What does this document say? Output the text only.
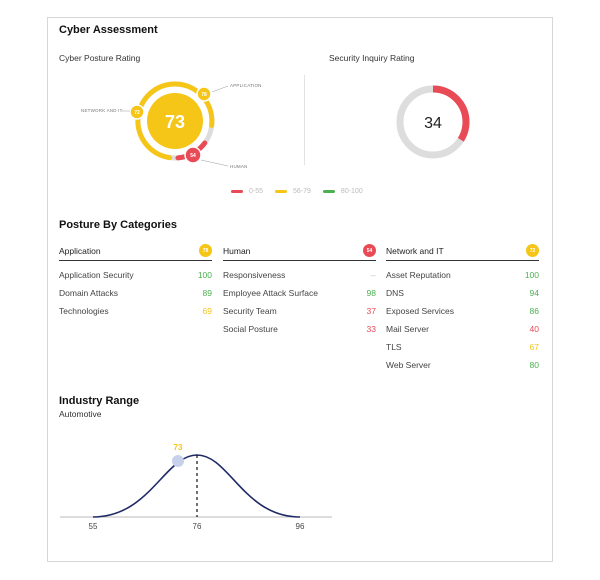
Cyber Assessment
Cyber Posture Rating
73
78
72
54
APPLICATION
NETWORK AND IT
HUMAN
Security Inquiry Rating
34
0-55	56-79	80-100
Posture By Categories
Application	78
Application Security	100
Domain Attacks	89
Technologies	69
Human	54
Responsiveness	--
Employee Attack Surface	98
Security Team	37
Social Posture	33
Network and IT	72
Asset Reputation	100
DNS	94
Exposed Services	86
Mail Server	40
TLS	67
Web Server	80
Industry Range
Automotive
73
55	76	96
